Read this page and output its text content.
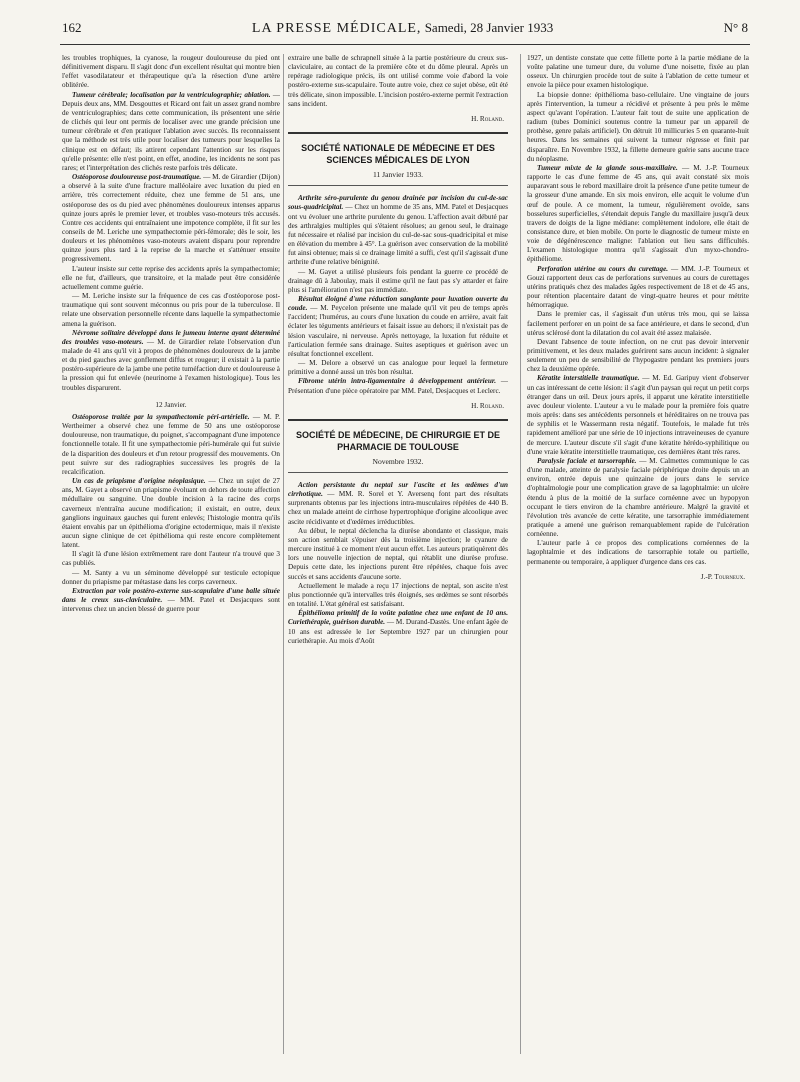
162	LA PRESSE MÉDICALE, Samedi, 28 Janvier 1933	N° 8

les troubles trophiques, la cyanose, la rougeur douloureuse du pied ont définitivement disparu. Il s'agit donc d'un excellent résultat qui montre bien l'effet vasodilatateur et thérapeutique qu'a la résection d'une artère oblitérée.

Tumeur cérébrale; localisation par la ventriculographie; ablation. — Depuis deux ans, MM. Desgouttes et Ricard ont fait un assez grand nombre de ventriculographies; dans cette communication, ils présentent une série de clichés qui leur ont permis de localiser avec une grande précision une tumeur cérébrale et d'en pratiquer l'ablation avec succès. Ils reconnaissent que la méthode est très utile pour localiser des tumeurs pour lesquelles la clinique est en défaut; ils attirent cependant l'attention sur les risques qu'elle présente: elle n'est point, en effet, anodine, les incidents ne sont pas rares; et l'interprétation des clichés reste parfois très délicate.

Ostéoporose douloureuse post-traumatique. — M. de Girardier (Dijon) a observé à la suite d'une fracture malléolaire avec luxation du pied en arrière, très correctement réduite, chez une femme de 51 ans, une ostéoporose des os du pied avec phénomènes douloureux intenses apparus quinze jours après le premier lever, et troubles vaso-moteurs très accusés. Contre ces accidents qui entraînaient une impotence complète, il fit sur les conseils de M. Leriche une sympathectomie péri-fémorale; dès le soir, les douleurs et les phénomènes vaso-moteurs avaient disparu pour reprendre quinze jours plus tard à la reprise de la marche et s'atténuer ensuite progressivement.

L'auteur insiste sur cette reprise des accidents après la sympathectomie; elle ne fut, d'ailleurs, que transitoire, et la malade peut être considérée actuellement comme guérie.

— M. Leriche insiste sur la fréquence de ces cas d'ostéoporose post-traumatique qui sont souvent méconnus ou pris pour de la tuberculose. Il relate une observation personnelle récente dans laquelle la sympathectomie amena la guérison.

Névrome solitaire développé dans le jumeau interne ayant déterminé des troubles vaso-moteurs. — M. de Girardier relate l'observation d'un malade de 41 ans qu'il vit à propos de phénomènes douloureux de la jambe et du pied gauches avec gonflement diffus et rougeur; il existait à la partie postéro-supérieure de la jambe une petite tuméfaction dure et douloureuse à la pression qui fut enlevée (neurinome à l'examen histologique). Tous les troubles disparurent.

12 Janvier.

Ostéoporose traitée par la sympathectomie péri-artérielle. — M. P. Wertheimer a observé chez une femme de 50 ans une ostéoporose douloureuse, non traumatique, du poignet, s'accompagnant d'une impotence fonctionnelle totale. Il fit une sympathectomie péri-humérale qui fut suivie de la disparition des douleurs et d'un retour progressif des mouvements. On peut suivre sur des radiographies successives les progrès de la recalcification.

Un cas de priapisme d'origine néoplasique. — Chez un sujet de 27 ans, M. Gayet a observé un priapisme évoluant en dehors de toute affection médullaire ou sanguine. Une double incision à la racine des corps caverneux n'entraîna aucune modification; il existait, en outre, deux ganglions inguinaux gauches qui furent enlevés; l'histologie montra qu'ils étaient envahis par un épithélioma d'origine ectodermique, mais il n'existe aucun signe clinique de cet épithélioma qui reste encore complètement latent.

Il s'agit là d'une lésion extrêmement rare dont l'auteur n'a trouvé que 3 cas publiés.

— M. Santy a vu un séminome développé sur testicule ectopique donner du priapisme par métastase dans les corps caverneux.

Extraction par voie postéro-externe sus-scapulaire d'une balle située dans le creux sus-claviculaire. — MM. Patel et Desjacques sont intervenus chez un ancien blessé de guerre pour

extraire une balle de schrapnell située à la partie postérieure du creux sus-claviculaire, au contact de la première côte et du dôme pleural. Après un repérage radiologique précis, ils ont utilisé comme voie d'abord la voie postéro-externe sus-scapulaire. Toute autre voie, chez ce sujet obèse, eût été très délicate, sinon impossible. L'incision postéro-externe permit l'extraction sans incident.

H. Roland.

SOCIÉTÉ NATIONALE DE MÉDECINE ET DES SCIENCES MÉDICALES DE LYON

11 Janvier 1933.

Arthrite séro-purulente du genou drainée par incision du cul-de-sac sous-quadricipital. — Chez un homme de 35 ans, MM. Patel et Desjacques ont vu évoluer une arthrite purulente du genou. L'affection avait débuté par des arthralgies multiples qui s'étaient résolues; au genou seul, le drainage fut nécessaire et réalisé par incision du cul-de-sac sous-quadricipital et mise en élévation du membre à 45°. La guérison avec conservation de la mobilité fut ainsi obtenue; mais si ce drainage limité a suffi, c'est qu'il s'agissait d'une arthrite d'une relative bénignité.

— M. Gayet a utilisé plusieurs fois pendant la guerre ce procédé de drainage dû à Jaboulay, mais il estime qu'il ne faut pas s'y attarder et faire plus si l'amélioration n'est pas immédiate.

Résultat éloigné d'une réduction sanglante pour luxation ouverte du coude. — M. Peycelon présente une malade qu'il vit peu de temps après l'accident; l'humérus, au cours d'une luxation du coude en arrière, avait fait éclater les téguments antérieurs et faisait issue au dehors; il n'existait pas de lésion vasculaire, ni nerveuse. Après nettoyage, la luxation fut réduite et l'articulation fermée sans drainage. Suites aseptiques et guérison avec un résultat fonctionnel excellent.

— M. Delore a observé un cas analogue pour lequel la fermeture primitive a donné aussi un très bon résultat.

Fibrome utérin intra-ligamentaire à développement antérieur. — Présentation d'une pièce opératoire par MM. Patel, Desjacques et Leclerc.

H. Roland.

SOCIÉTÉ DE MÉDECINE, DE CHIRURGIE ET DE PHARMACIE DE TOULOUSE

Novembre 1932.

Action persistante du neptal sur l'ascite et les œdèmes d'un cirrhotique. — MM. R. Sorel et Y. Aversenq font part des résultats surprenants obtenus par les injections intra-musculaires répétées de 440 B. chez un malade atteint de cirrhose hypertrophique d'origine alcoolique avec ascite récidivante et d'œdèmes irréductibles.

Au début, le neptal déclencha la diurèse abondante et classique, mais son action semblait s'épuiser dès la troisième injection; le cyanure de mercure institué à ce moment n'eut aucun effet. Les auteurs pratiquèrent dès lors une nouvelle injection de neptal, qui rétablit une diurèse profuse. Depuis cette date, les injections purent être répétées, chaque fois avec succès et sans accidents d'aucune sorte.

Actuellement le malade a reçu 17 injections de neptal, son ascite n'est plus ponctionnée qu'à intervalles très éloignés, ses œdèmes se sont résorbés en totalité. L'état général est satisfaisant.

Épithélioma primitif de la voûte palatine chez une enfant de 10 ans. Curiethérapie, guérison durable. — M. Durand-Dastès. Une enfant âgée de 10 ans est adressée le 1er Septembre 1927 par un chirurgien pour curiethérapie. Au mois d'Août

1927, un dentiste constate que cette fillette porte à la partie médiane de la voûte palatine une tumeur dure, du volume d'une noisette, fixée au plan osseux. Un chirurgien procède tout de suite à l'ablation de cette tumeur et envoie la pièce pour examen histologique.

La biopsie donne: épithélioma baso-cellulaire. Une vingtaine de jours après l'intervention, la tumeur a récidivé et présente à peu près le même aspect qu'avant l'opération. L'auteur fait tout de suite une application de radium (tubes Dominici soutenus contre la tumeur par un appareil de prothèse, genre palais artificiel). On détruit 10 millicuries 5 en quarante-huit heures. Dans les semaines qui suivent la tumeur régresse et finit par disparaître. En Novembre 1932, la fillette demeure guérie sans aucune trace du néoplasme.

Tumeur mixte de la glande sous-maxillaire. — M. J.-P. Tourneux rapporte le cas d'une femme de 45 ans, qui avait constaté six mois auparavant sous le rebord maxillaire droit la présence d'une petite tumeur de la grosseur d'une amande. En six mois environ, elle acquit le volume d'un œuf de poule. A ce moment, la tumeur, régulièrement ovoïde, sans bosselures superficielles, s'étendait depuis l'angle du maxillaire jusqu'à deux travers de doigts de la ligne médiane: complètement indolore, elle était de consistance dure, et bien mobile. On porte le diagnostic de tumeur mixte en voie de dégénérescence maligne: l'ablation eut lieu sans difficultés. L'examen histologique montra qu'il s'agissait d'un myxo-chondro-épithéliome.

Perforation utérine au cours du curettage. — MM. J.-P. Tourneux et Gouzi rapportent deux cas de perforations survenues au cours de curettages utérins pratiqués chez des malades âgées respectivement de 18 et de 45 ans, pour rétention placentaire datant de vingt-quatre heures et pour métrite hémorragique.

Dans le premier cas, il s'agissait d'un utérus très mou, qui se laissa facilement perforer en un point de sa face antérieure, et dans le second, d'un utérus sclérosé dont la dilatation du col avait été assez malaisée.

Devant l'absence de toute infection, on ne crut pas devoir intervenir primitivement, et les deux malades guérirent sans aucun incident: à signaler seulement un peu de sensibilité de l'hypogastre pendant les premiers jours chez la deuxième opérée.

Kératite interstitielle traumatique. — M. Ed. Garipuy vient d'observer un cas intéressant de cette lésion: il s'agit d'un paysan qui reçut un petit corps étranger dans un œil. Deux jours après, il apparut une kératite interstitielle avec douleur violente. L'auteur a vu le malade pour la première fois quatre mois après: dans ses antécédents personnels et héréditaires on ne trouva pas de syphilis et le Wassermann resta négatif. Toutefois, le malade fut très rapidement amélioré par une série de 10 injections intraveineuses de cyanure de mercure. L'auteur discute s'il s'agit d'une kératite hérédo-syphilitique ou d'une vraie kératite interstitielle traumatique, ces dernières étant très rares.

Paralysie faciale et tarsorraphie. — M. Calmettes communique le cas d'une malade, atteinte de paralysie faciale périphérique droite depuis un an environ, entrée depuis une quinzaine de jours dans le service d'ophtalmologie pour une complication grave de sa lagophtalmie: un ulcère étendu à plus de la moitié de la surface cornéenne avec un hypopyon occupant le tiers environ de la chambre antérieure. Malgré la gravité et l'évolution très avancée de cette kératite, une tarsorraphie immédiatement pratiquée a amené une guérison remarquablement rapide de l'ulcération cornéenne.

L'auteur parle à ce propos des complications cornéennes de la lagophtalmie et des indications de tarsorraphie totale ou partielle, permanente ou temporaire, à appliquer d'urgence dans ces cas.

J.-P. Tourneux.
